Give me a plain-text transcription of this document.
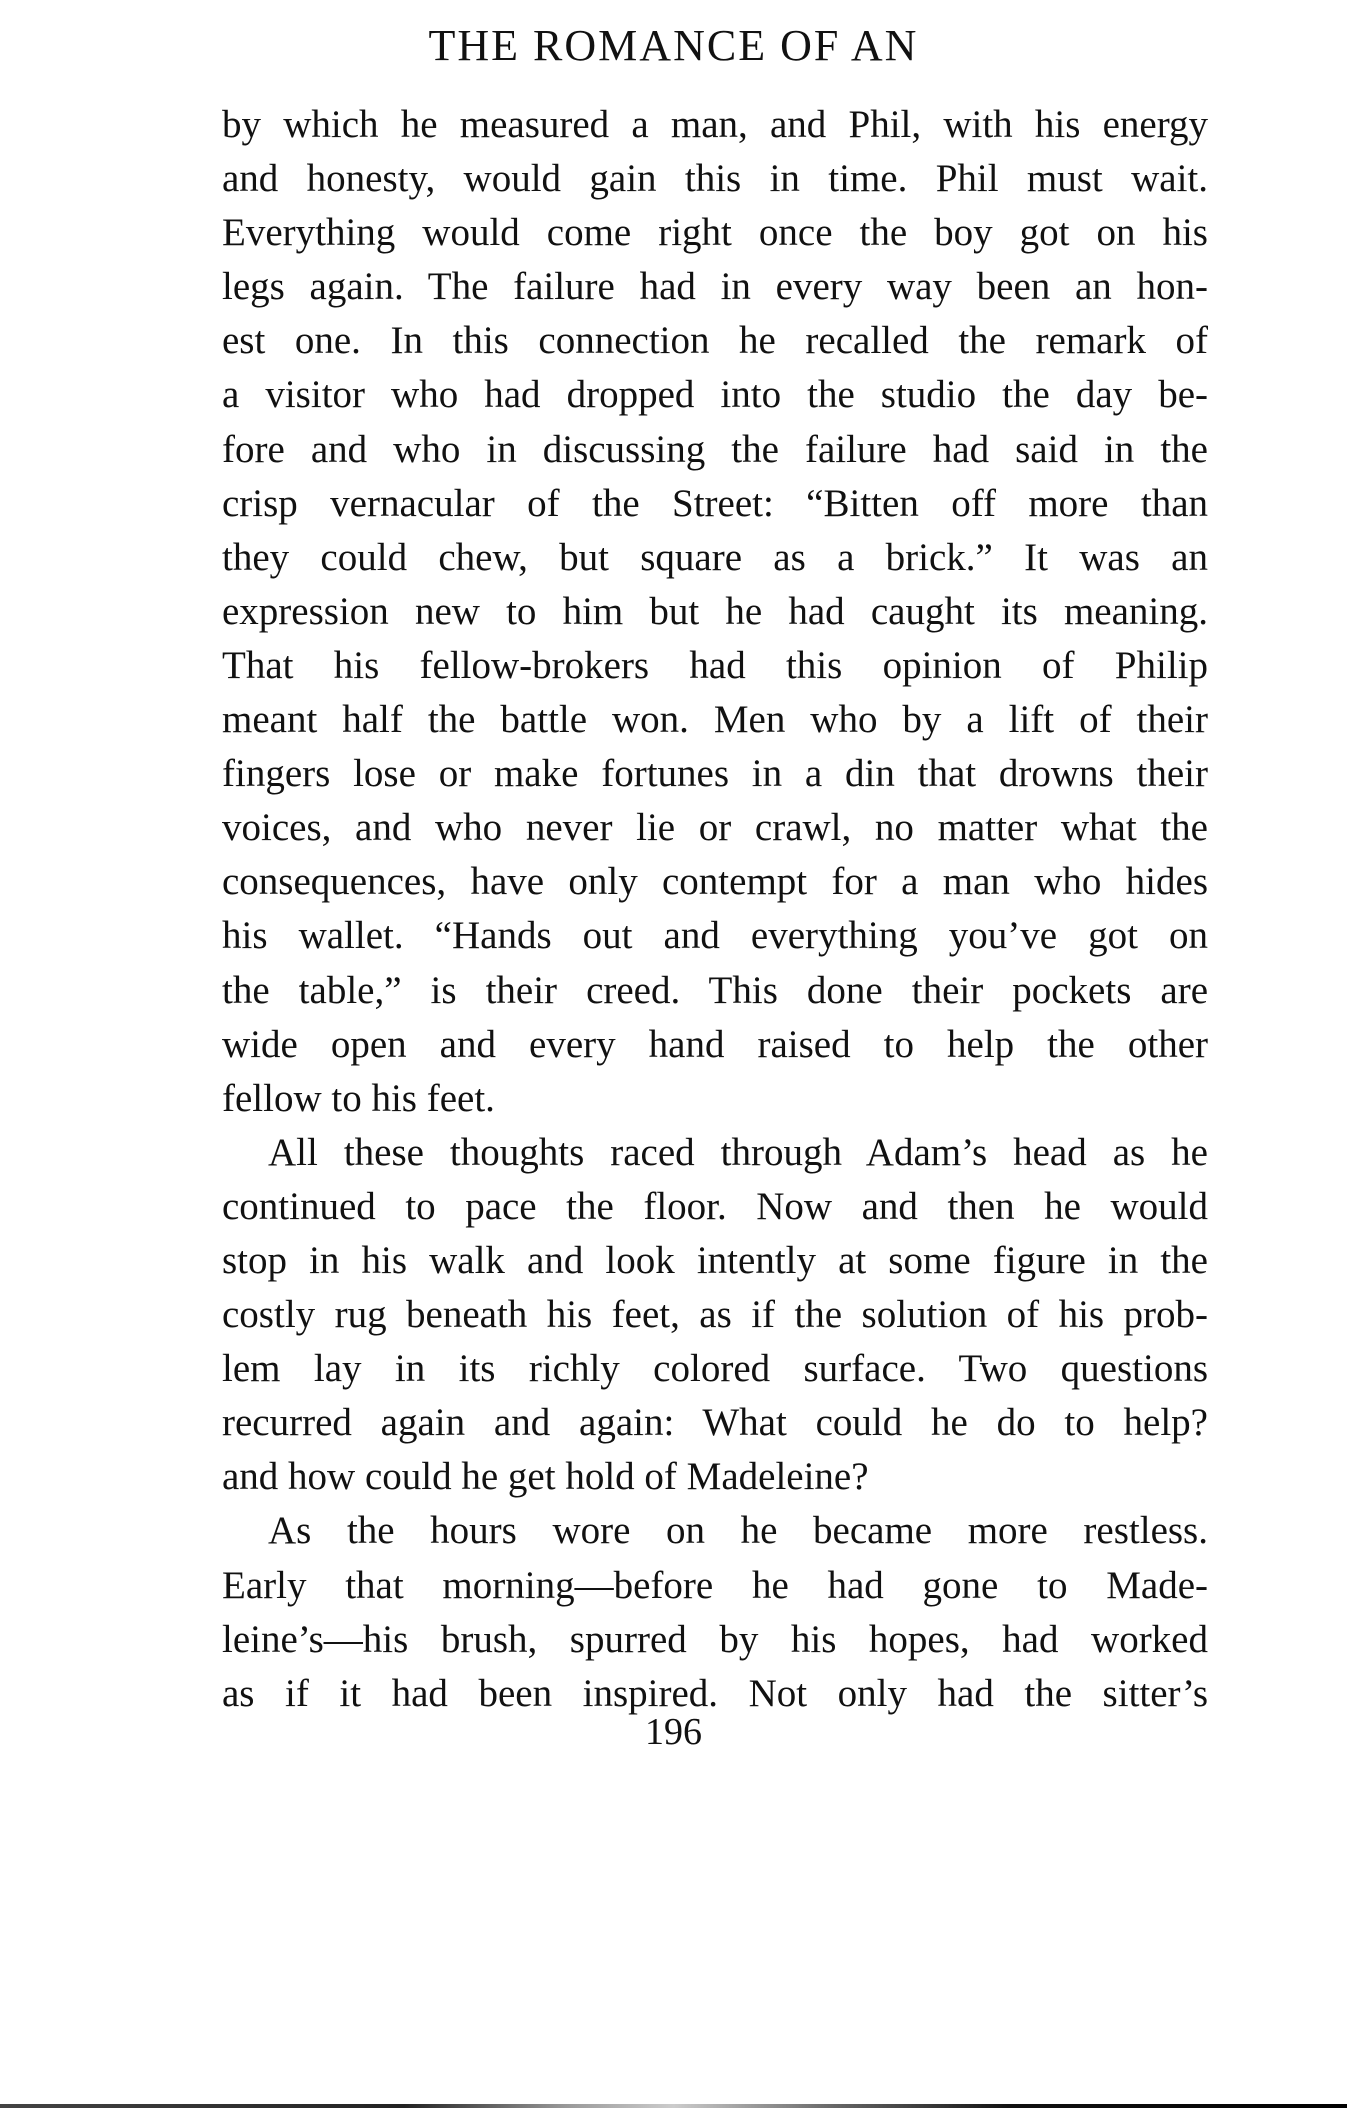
THE ROMANCE OF AN

by which he measured a man, and Phil, with his energy
and honesty, would gain this in time. Phil must wait.
Everything would come right once the boy got on his
legs again. The failure had in every way been an hon-
est one. In this connection he recalled the remark of
a visitor who had dropped into the studio the day be-
fore and who in discussing the failure had said in the
crisp vernacular of the Street: “Bitten off more than
they could chew, but square as a brick.” It was an
expression new to him but he had caught its meaning.
That his fellow-brokers had this opinion of Philip
meant half the battle won. Men who by a lift of their
fingers lose or make fortunes in a din that drowns their
voices, and who never lie or crawl, no matter what the
consequences, have only contempt for a man who hides
his wallet. “Hands out and everything you’ve got on
the table,” is their creed. This done their pockets are
wide open and every hand raised to help the other
fellow to his feet.

All these thoughts raced through Adam’s head as he
continued to pace the floor. Now and then he would
stop in his walk and look intently at some figure in the
costly rug beneath his feet, as if the solution of his prob-
lem lay in its richly colored surface. Two questions
recurred again and again: What could he do to help?
and how could he get hold of Madeleine?

As the hours wore on he became more restless.
Early that morning—before he had gone to Made-
leine’s—his brush, spurred by his hopes, had worked
as if it had been inspired. Not only had the sitter’s

196
